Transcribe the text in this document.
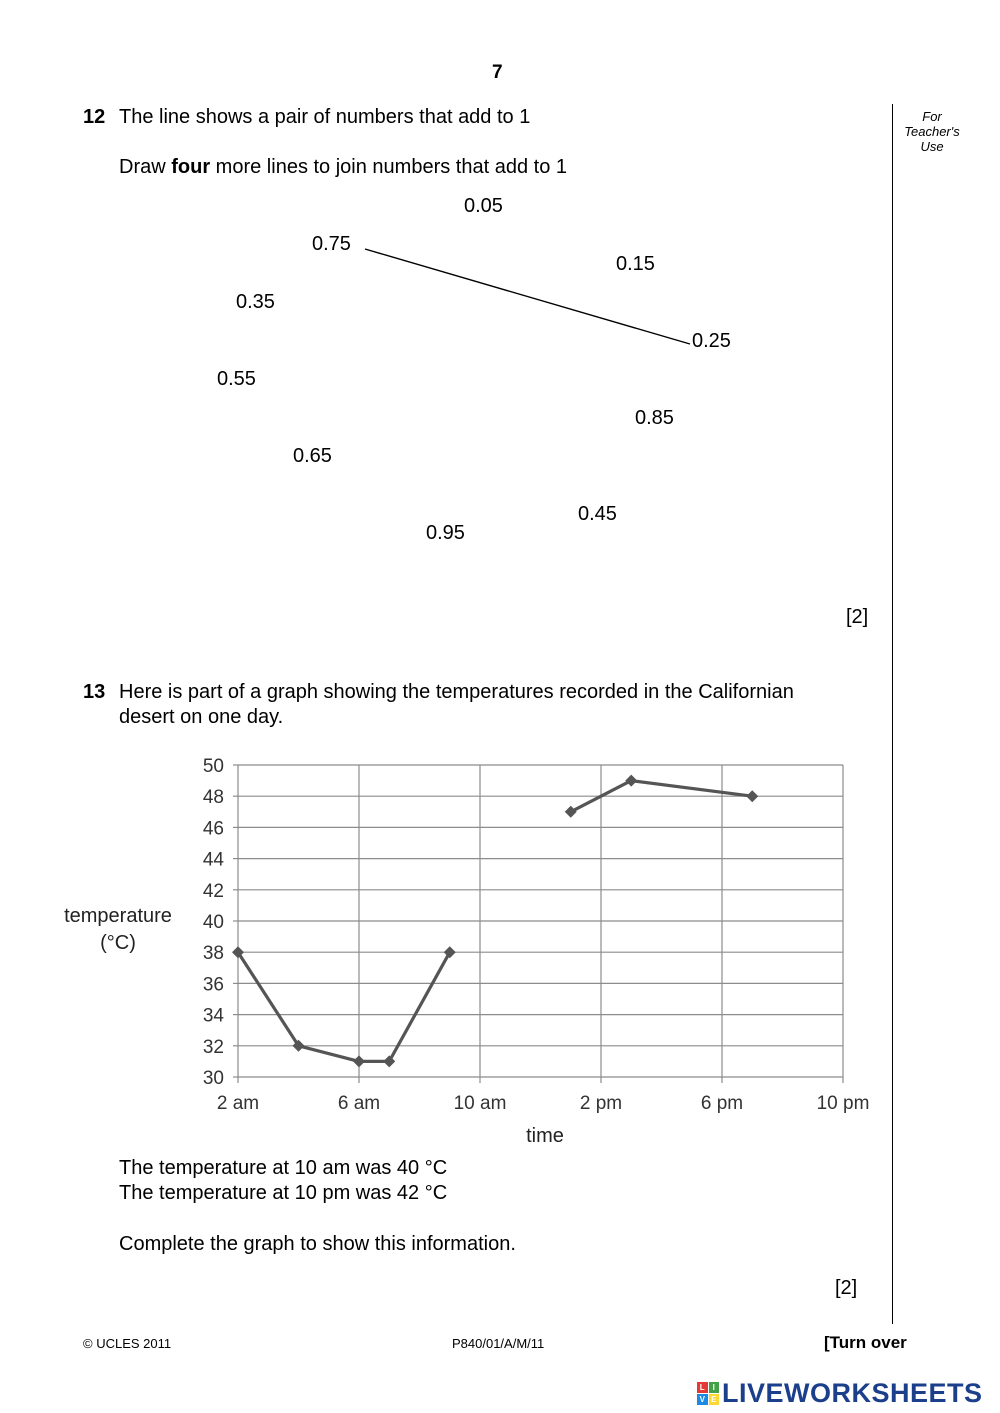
7
For
Teacher's
Use
12 The line shows a pair of numbers that add to 1
Draw four more lines to join numbers that add to 1
0.05
0.75
0.15
0.35
0.25
0.55
0.85
0.65
0.45
0.95
[2]
13 Here is part of a graph showing the temperatures recorded in the Californian
desert on one day.
30
32
34
36
38
40
42
44
46
48
50
2 am	6 am	10 am	2 pm	6 pm	10 pm
time
temperature
(°C)
The temperature at 10 am was 40 °C
The temperature at 10 pm was 42 °C
Complete the graph to show this information.
[2]
© UCLES 2011	P840/01/A/M/11	[Turn over
L I
V E LIVEWORKSHEETS
